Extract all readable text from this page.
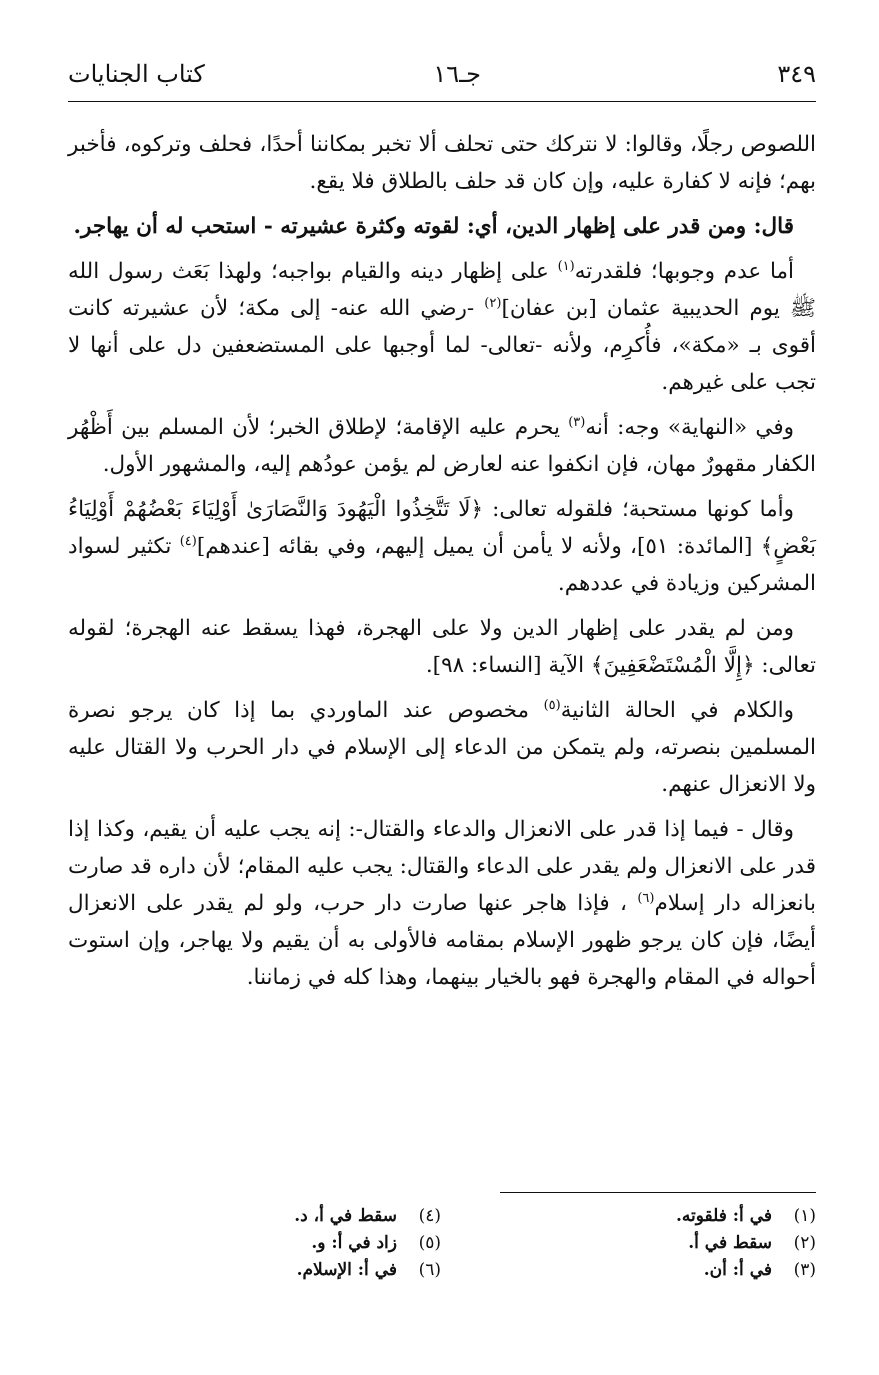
٣٤٩
جـ١٦
كتاب الجنايات

اللصوص رجلًا، وقالوا: لا نتركك حتى تحلف ألا تخبر بمكاننا أحدًا، فحلف وتركوه، فأخبر بهم؛ فإنه لا كفارة عليه، وإن كان قد حلف بالطلاق فلا يقع.

قال: ومن قدر على إظهار الدين، أي: لقوته وكثرة عشيرته - استحب له أن يهاجر.

أما عدم وجوبها؛ فلقدرته$^{(١)}$ على إظهار دينه والقيام بواجبه؛ ولهذا بَعَث رسول الله ﷺ يوم الحديبية عثمان [بن عفان]$^{(٢)}$ -رضي الله عنه- إلى مكة؛ لأن عشيرته كانت أقوى بـ «مكة»، فأُكرِم، ولأنه -تعالى- لما أوجبها على المستضعفين دل على أنها لا تجب على غيرهم.

وفي «النهاية» وجه: أنه$^{(٣)}$ يحرم عليه الإقامة؛ لإطلاق الخبر؛ لأن المسلم بين أَظْهُر الكفار مقهورٌ مهان، فإن انكفوا عنه لعارض لم يؤمن عودُهم إليه، والمشهور الأول.

وأما كونها مستحبة؛ فلقوله تعالى: ﴿لَا تَتَّخِذُوا الْيَهُودَ وَالنَّصَارَىٰ أَوْلِيَاءَ بَعْضُهُمْ أَوْلِيَاءُ بَعْضٍ﴾ [المائدة: ٥١]، ولأنه لا يأمن أن يميل إليهم، وفي بقائه [عندهم]$^{(٤)}$ تكثير لسواد المشركين وزيادة في عددهم.

ومن لم يقدر على إظهار الدين ولا على الهجرة، فهذا يسقط عنه الهجرة؛ لقوله تعالى: ﴿إِلَّا الْمُسْتَضْعَفِينَ﴾ الآية [النساء: ٩٨].

والكلام في الحالة الثانية$^{(٥)}$ مخصوص عند الماوردي بما إذا كان يرجو نصرة المسلمين بنصرته، ولم يتمكن من الدعاء إلى الإسلام في دار الحرب ولا القتال عليه ولا الانعزال عنهم.

وقال - فيما إذا قدر على الانعزال والدعاء والقتال-: إنه يجب عليه أن يقيم، وكذا إذا قدر على الانعزال ولم يقدر على الدعاء والقتال: يجب عليه المقام؛ لأن داره قد صارت بانعزاله دار إسلام$^{(٦)}$ ، فإذا هاجر عنها صارت دار حرب، ولو لم يقدر على الانعزال أيضًا، فإن كان يرجو ظهور الإسلام بمقامه فالأولى به أن يقيم ولا يهاجر، وإن استوت أحواله في المقام والهجرة فهو بالخيار بينهما، وهذا كله في زماننا.

(١)في أ: فلقوته.
(٢)سقط في أ.
(٣)في أ: أن.
(٤)سقط في أ، د.
(٥)زاد في أ: و.
(٦)في أ: الإسلام.
